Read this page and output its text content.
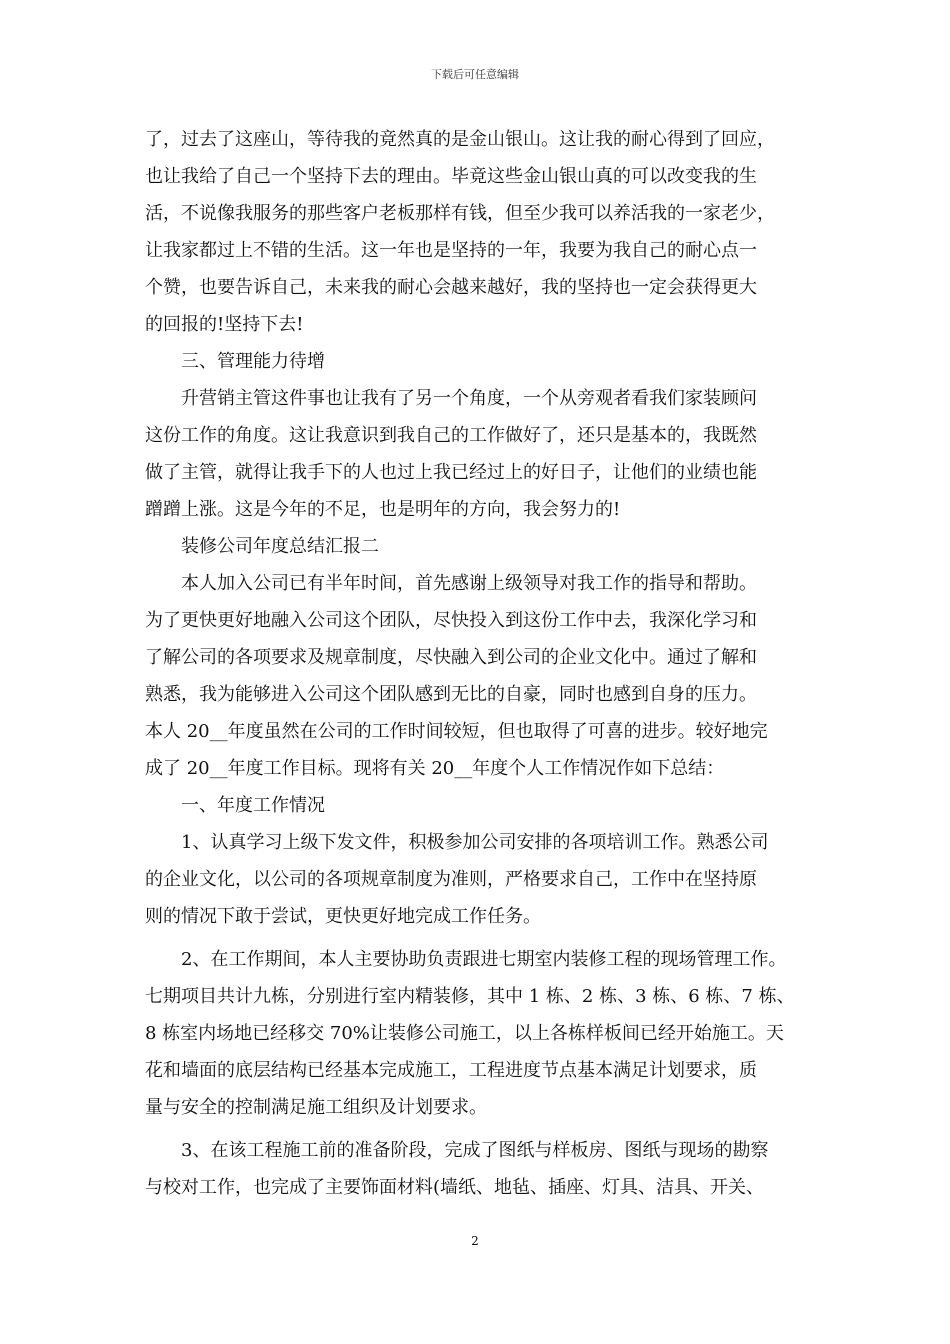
下载后可任意编辑
了，过去了这座山，等待我的竟然真的是金山银山。这让我的耐心得到了回应，
也让我给了自己一个坚持下去的理由。毕竟这些金山银山真的可以改变我的生
活，不说像我服务的那些客户老板那样有钱，但至少我可以养活我的一家老少，
让我家都过上不错的生活。这一年也是坚持的一年，我要为我自己的耐心点一
个赞，也要告诉自己，未来我的耐心会越来越好，我的坚持也一定会获得更大
的回报的!坚持下去!
三、管理能力待增
升营销主管这件事也让我有了另一个角度，一个从旁观者看我们家装顾问
这份工作的角度。这让我意识到我自己的工作做好了，还只是基本的，我既然
做了主管，就得让我手下的人也过上我已经过上的好日子，让他们的业绩也能
蹭蹭上涨。这是今年的不足，也是明年的方向，我会努力的!
装修公司年度总结汇报二
本人加入公司已有半年时间，首先感谢上级领导对我工作的指导和帮助。
为了更快更好地融入公司这个团队，尽快投入到这份工作中去，我深化学习和
了解公司的各项要求及规章制度，尽快融入到公司的企业文化中。通过了解和
熟悉，我为能够进入公司这个团队感到无比的自豪，同时也感到自身的压力。
本人 20__年度虽然在公司的工作时间较短，但也取得了可喜的进步。较好地完
成了 20__年度工作目标。现将有关 20__年度个人工作情况作如下总结：
一、年度工作情况
1、认真学习上级下发文件，积极参加公司安排的各项培训工作。熟悉公司
的企业文化，以公司的各项规章制度为准则，严格要求自己，工作中在坚持原
则的情况下敢于尝试，更快更好地完成工作任务。
2、在工作期间，本人主要协助负责跟进七期室内装修工程的现场管理工作。
七期项目共计九栋，分别进行室内精装修，其中 1 栋、2 栋、3 栋、6 栋、7 栋、
8 栋室内场地已经移交 70%让装修公司施工，以上各栋样板间已经开始施工。天
花和墙面的底层结构已经基本完成施工，工程进度节点基本满足计划要求，质
量与安全的控制满足施工组织及计划要求。
3、在该工程施工前的准备阶段，完成了图纸与样板房、图纸与现场的勘察
与校对工作，也完成了主要饰面材料(墙纸、地毡、插座、灯具、洁具、开关、
2
